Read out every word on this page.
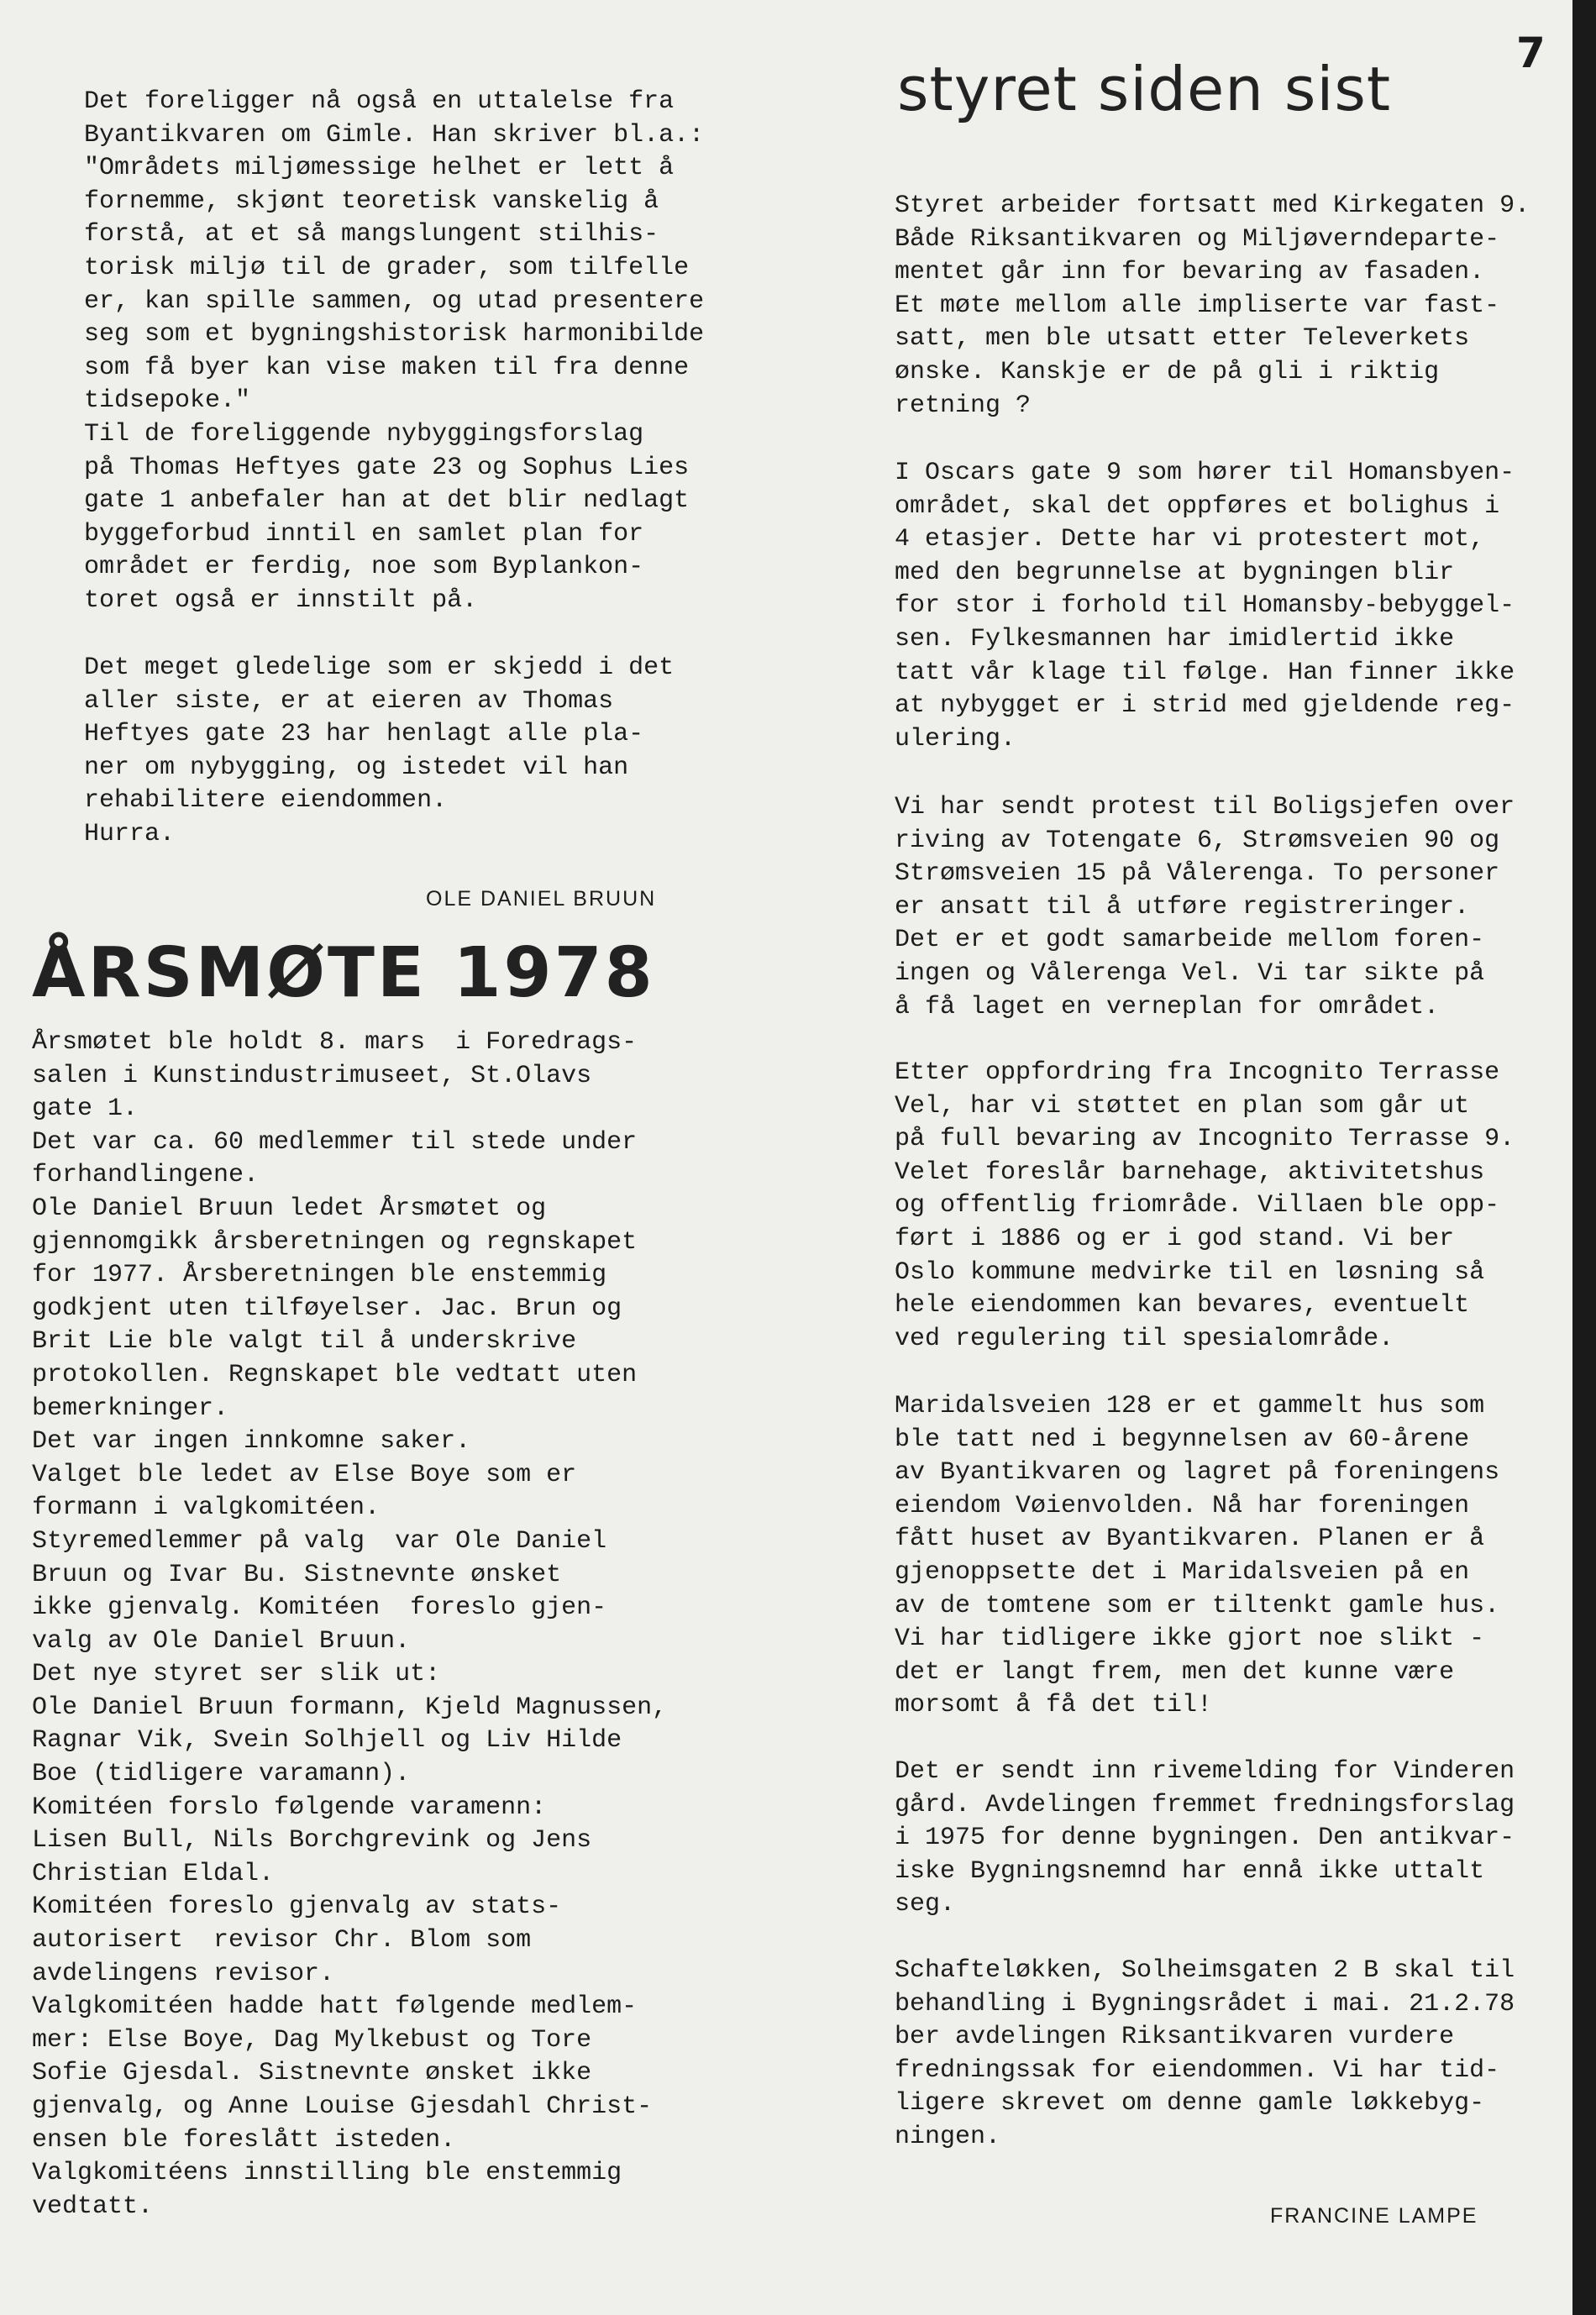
7
Det foreligger nå også en uttalelse fra
Byantikvaren om Gimle. Han skriver bl.a.:
"Områdets miljømessige helhet er lett å
fornemme, skjønt teoretisk vanskelig å
forstå, at et så mangslungent stilhis-
torisk miljø til de grader, som tilfelle
er, kan spille sammen, og utad presentere
seg som et bygningshistorisk harmonibilde
som få byer kan vise maken til fra denne
tidsepoke."
Til de foreliggende nybyggingsforslag
på Thomas Heftyes gate 23 og Sophus Lies
gate 1 anbefaler han at det blir nedlagt
byggeforbud inntil en samlet plan for
området er ferdig, noe som Byplankon-
toret også er innstilt på.
Det meget gledelige som er skjedd i det
aller siste, er at eieren av Thomas
Heftyes gate 23 har henlagt alle pla-
ner om nybygging, og istedet vil han
rehabilitere eiendommen.
Hurra.
OLE DANIEL BRUUN
ÅRSMØTE 1978
Årsmøtet ble holdt 8. mars  i Foredrags-
salen i Kunstindustrimuseet, St.Olavs
gate 1.
Det var ca. 60 medlemmer til stede under
forhandlingene.
Ole Daniel Bruun ledet Årsmøtet og
gjennomgikk årsberetningen og regnskapet
for 1977. Årsberetningen ble enstemmig
godkjent uten tilføyelser. Jac. Brun og
Brit Lie ble valgt til å underskrive
protokollen. Regnskapet ble vedtatt uten
bemerkninger.
Det var ingen innkomne saker.
Valget ble ledet av Else Boye som er
formann i valgkomitéen.
Styremedlemmer på valg  var Ole Daniel
Bruun og Ivar Bu. Sistnevnte ønsket
ikke gjenvalg. Komitéen  foreslo gjen-
valg av Ole Daniel Bruun.
Det nye styret ser slik ut:
Ole Daniel Bruun formann, Kjeld Magnussen,
Ragnar Vik, Svein Solhjell og Liv Hilde
Boe (tidligere varamann).
Komitéen forslo følgende varamenn:
Lisen Bull, Nils Borchgrevink og Jens
Christian Eldal.
Komitéen foreslo gjenvalg av stats-
autorisert  revisor Chr. Blom som
avdelingens revisor.
Valgkomitéen hadde hatt følgende medlem-
mer: Else Boye, Dag Mylkebust og Tore
Sofie Gjesdal. Sistnevnte ønsket ikke
gjenvalg, og Anne Louise Gjesdahl Christ-
ensen ble foreslått isteden.
Valgkomitéens innstilling ble enstemmig
vedtatt.
styret siden sist
Styret arbeider fortsatt med Kirkegaten 9.
Både Riksantikvaren og Miljøverndeparte-
mentet går inn for bevaring av fasaden.
Et møte mellom alle impliserte var fast-
satt, men ble utsatt etter Televerkets
ønske. Kanskje er de på gli i riktig
retning ?
I Oscars gate 9 som hører til Homansbyen-
området, skal det oppføres et bolighus i
4 etasjer. Dette har vi protestert mot,
med den begrunnelse at bygningen blir
for stor i forhold til Homansby-bebyggel-
sen. Fylkesmannen har imidlertid ikke
tatt vår klage til følge. Han finner ikke
at nybygget er i strid med gjeldende reg-
ulering.
Vi har sendt protest til Boligsjefen over
riving av Totengate 6, Strømsveien 90 og
Strømsveien 15 på Vålerenga. To personer
er ansatt til å utføre registreringer.
Det er et godt samarbeide mellom foren-
ingen og Vålerenga Vel. Vi tar sikte på
å få laget en verneplan for området.
Etter oppfordring fra Incognito Terrasse
Vel, har vi støttet en plan som går ut
på full bevaring av Incognito Terrasse 9.
Velet foreslår barnehage, aktivitetshus
og offentlig friområde. Villaen ble opp-
ført i 1886 og er i god stand. Vi ber
Oslo kommune medvirke til en løsning så
hele eiendommen kan bevares, eventuelt
ved regulering til spesialområde.
Maridalsveien 128 er et gammelt hus som
ble tatt ned i begynnelsen av 60-årene
av Byantikvaren og lagret på foreningens
eiendom Vøienvolden. Nå har foreningen
fått huset av Byantikvaren. Planen er å
gjenoppsette det i Maridalsveien på en
av de tomtene som er tiltenkt gamle hus.
Vi har tidligere ikke gjort noe slikt -
det er langt frem, men det kunne være
morsomt å få det til!
Det er sendt inn rivemelding for Vinderen
gård. Avdelingen fremmet fredningsforslag
i 1975 for denne bygningen. Den antikvar-
iske Bygningsnemnd har ennå ikke uttalt
seg.
Schafteløkken, Solheimsgaten 2 B skal til
behandling i Bygningsrådet i mai. 21.2.78
ber avdelingen Riksantikvaren vurdere
fredningssak for eiendommen. Vi har tid-
ligere skrevet om denne gamle løkkebyg-
ningen.
FRANCINE LAMPE
